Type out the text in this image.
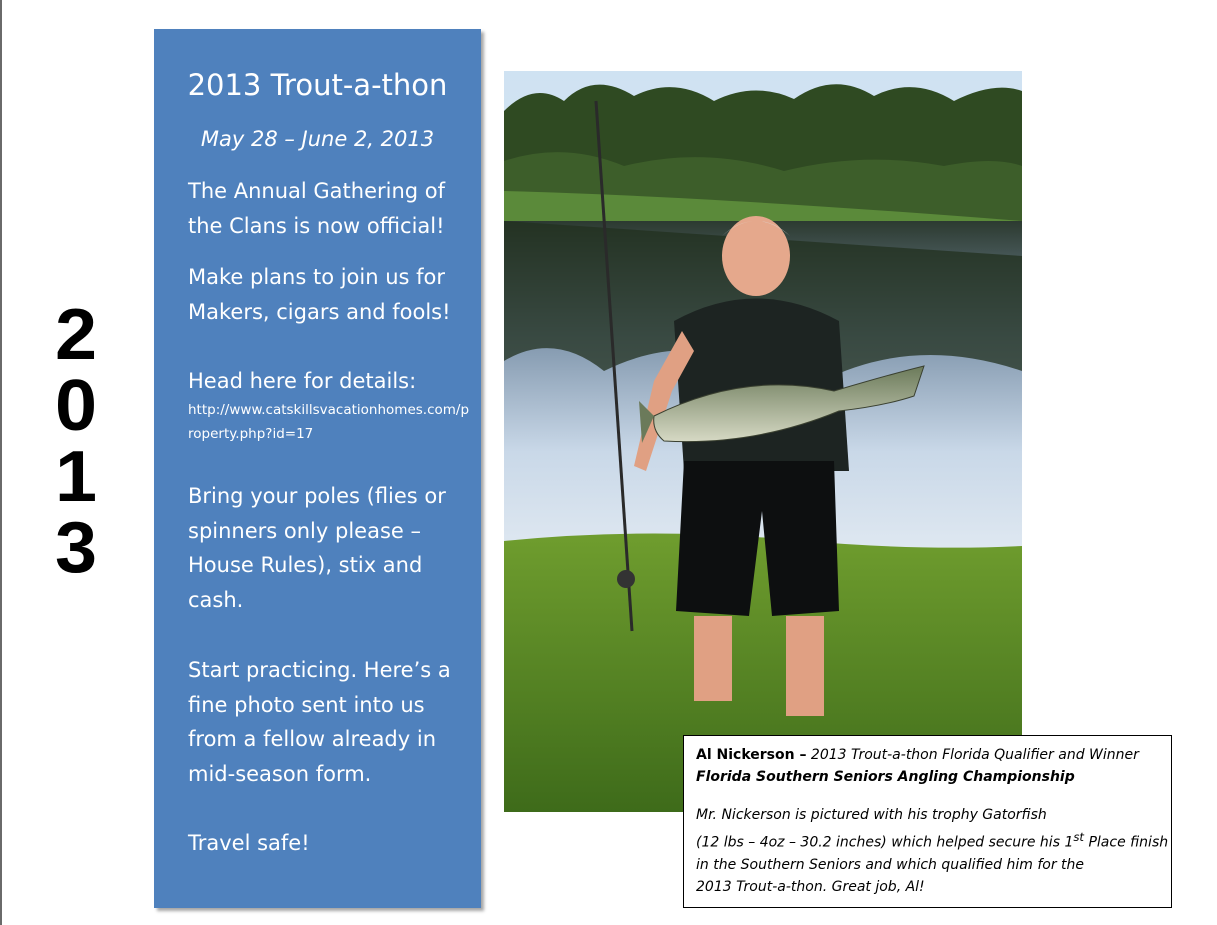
2
0
1
3
2013 Trout-a-thon
May 28 – June 2, 2013
The Annual Gathering of the Clans is now official!
Make plans to join us for Makers, cigars and fools!
Head here for details:
http://www.catskillsvacationhomes.com/property.php?id=17
Bring your poles (flies or spinners only please – House Rules), stix and cash.
Start practicing. Here’s a fine photo sent into us from a fellow already in mid-season form.
Travel safe!
Al Nickerson – 2013 Trout-a-thon Florida Qualifier and Winner
Florida Southern Seniors Angling Championship
Mr. Nickerson is pictured with his trophy Gatorfish
(12 lbs – 4oz – 30.2 inches) which helped secure his 1st Place finish
in the Southern Seniors and which qualified him for the
2013 Trout-a-thon. Great job, Al!
